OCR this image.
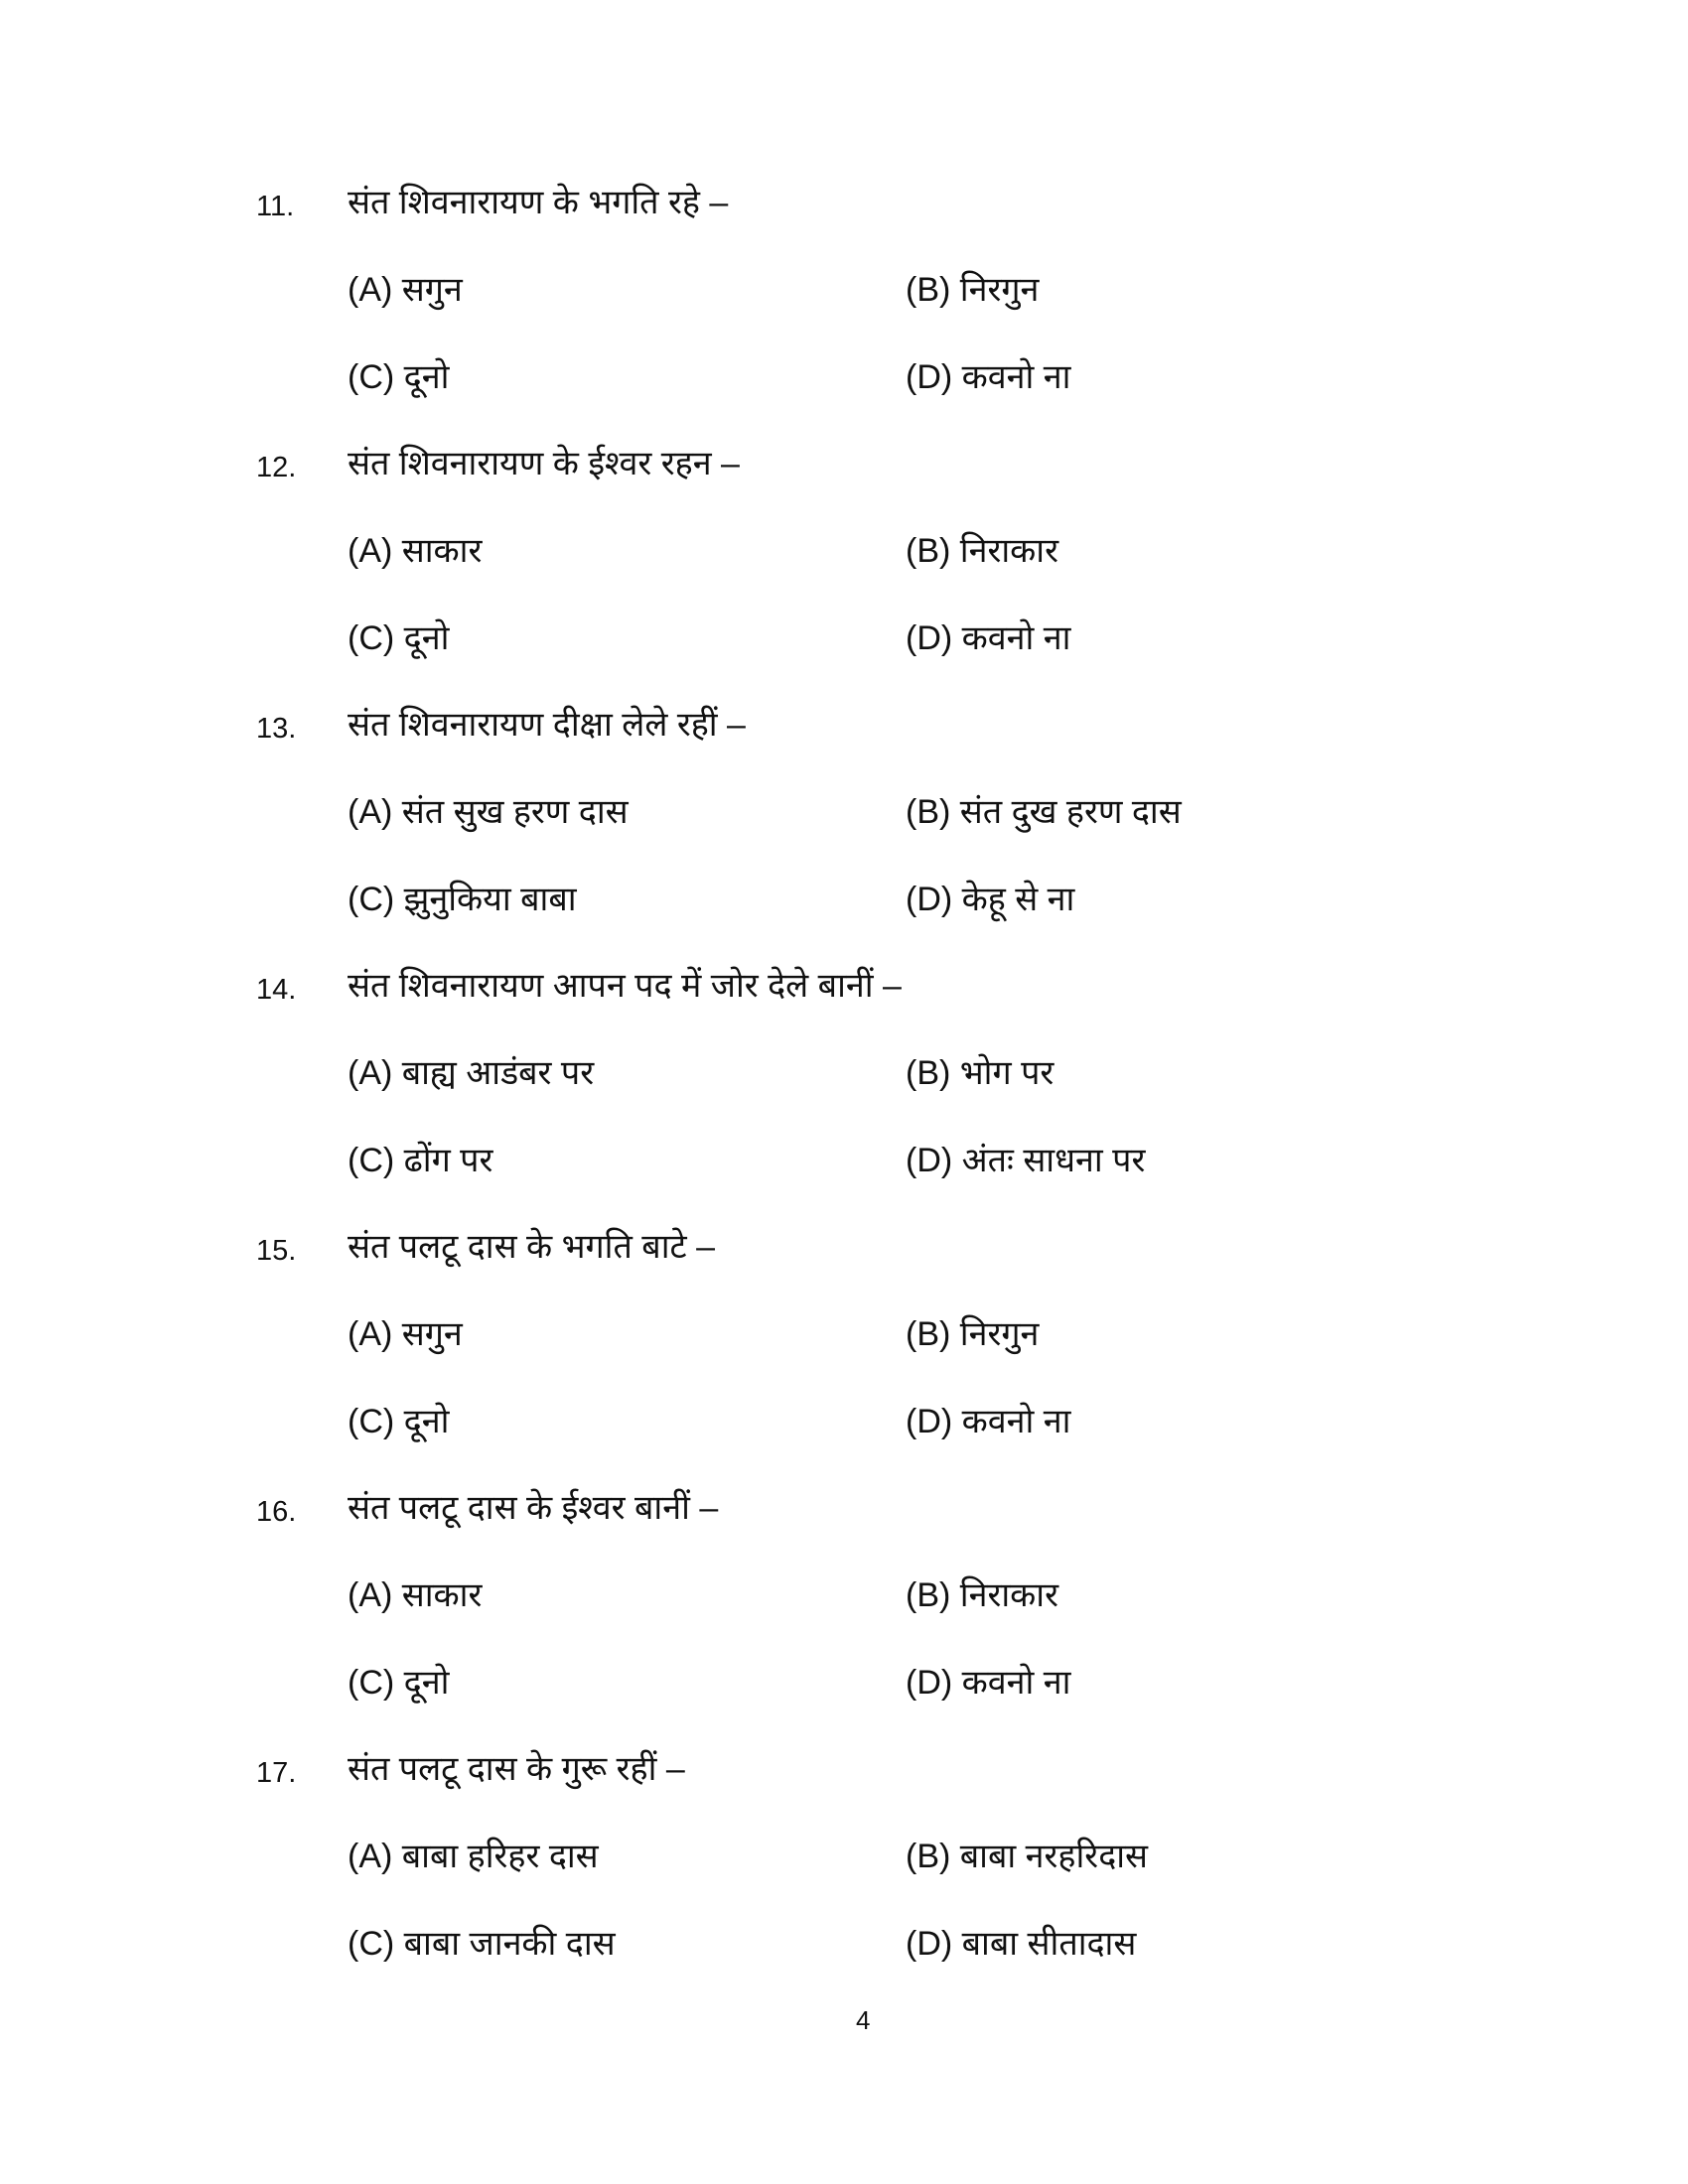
11. संत शिवनारायण के भगति रहे –
(A) सगुन	(B) निरगुन
(C) दूनो	(D) कवनो ना
12. संत शिवनारायण के ईश्वर रहन –
(A) साकार	(B) निराकार
(C) दूनो	(D) कवनो ना
13. संत शिवनारायण दीक्षा लेले रहीं –
(A) संत सुख हरण दास	(B) संत दुख हरण दास
(C) झुनुकिया बाबा	(D) केहू से ना
14. संत शिवनारायण आपन पद में जोर देले बानीं –
(A) बाह्य आडंबर पर	(B) भोग पर
(C) ढोंग पर	(D) अंतः साधना पर
15. संत पलटू दास के भगति बाटे –
(A) सगुन	(B) निरगुन
(C) दूनो	(D) कवनो ना
16. संत पलटू दास के ईश्वर बानीं –
(A) साकार	(B) निराकार
(C) दूनो	(D) कवनो ना
17. संत पलटू दास के गुरू रहीं –
(A) बाबा हरिहर दास	(B) बाबा नरहरिदास
(C) बाबा जानकी दास	(D) बाबा सीतादास
4
